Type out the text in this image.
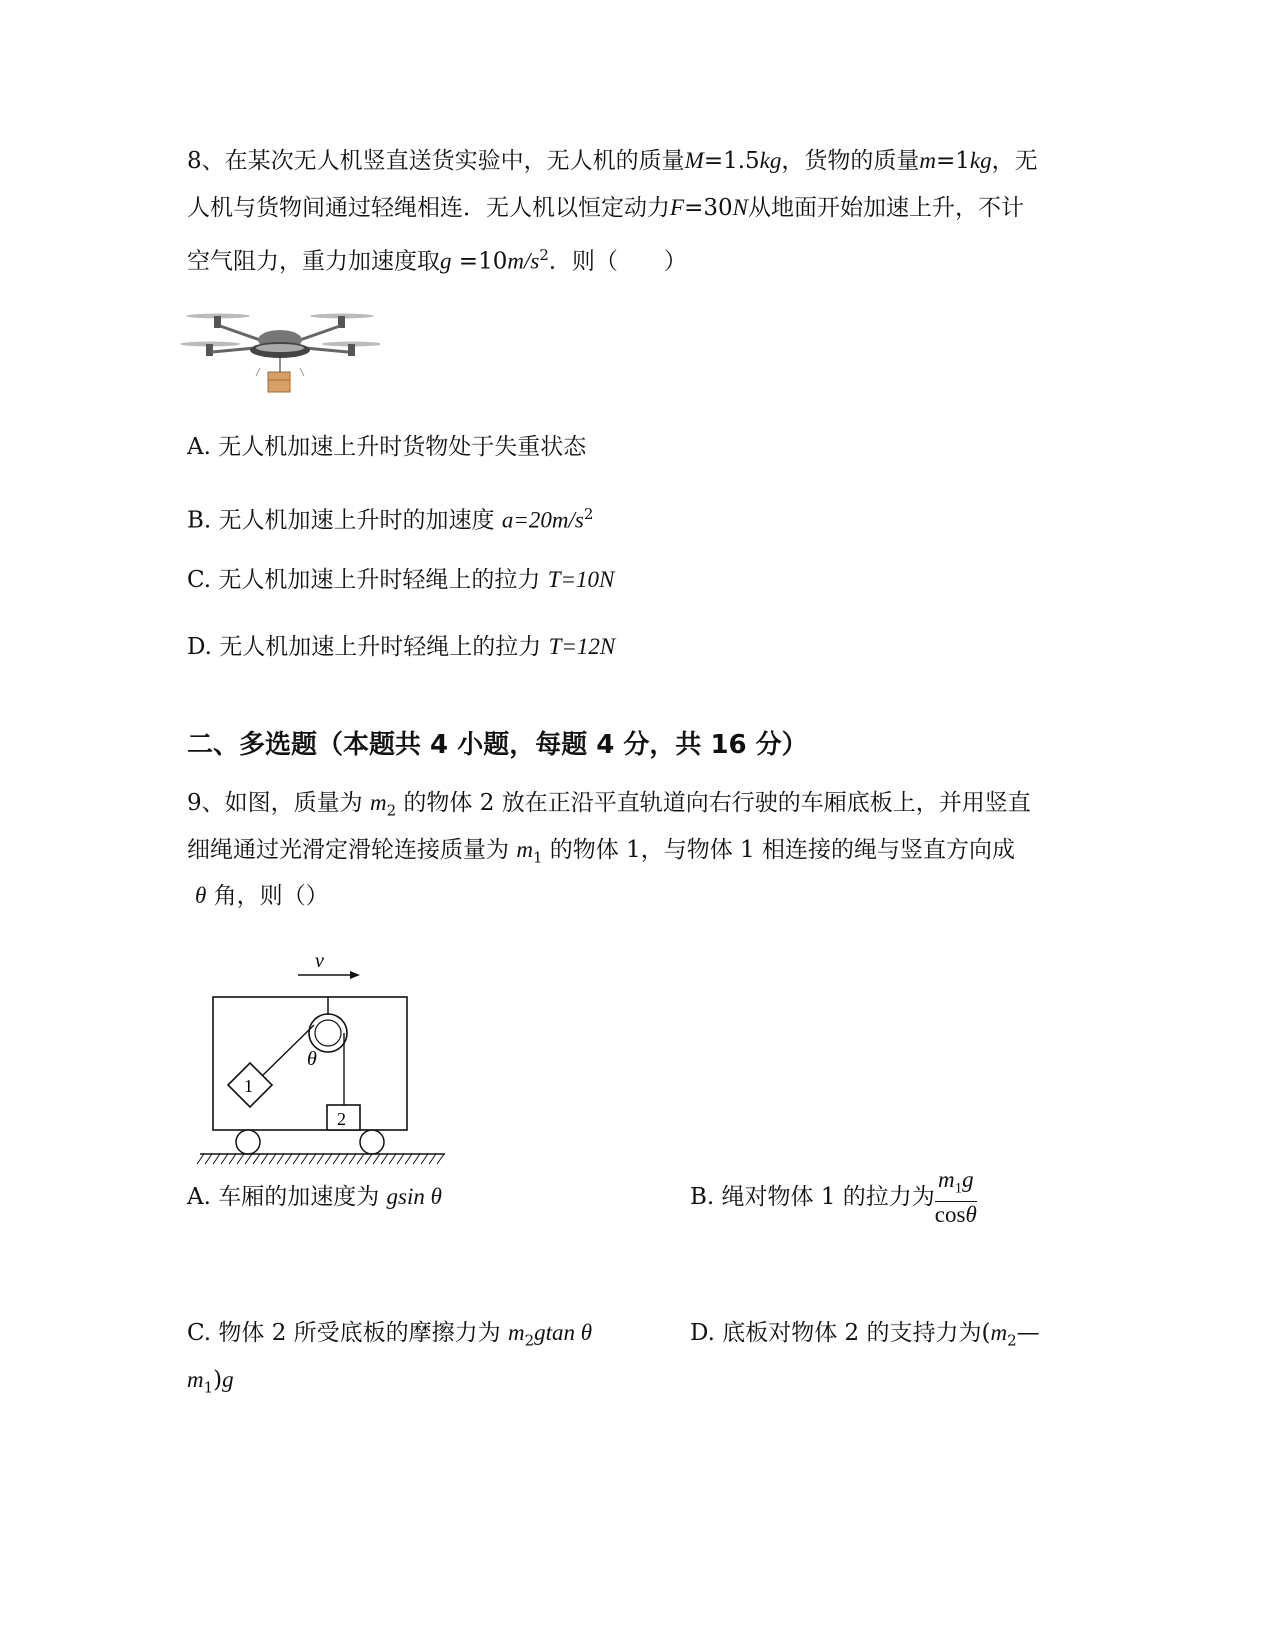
8、在某次无人机竖直送货实验中，无人机的质量M=1.5kg，货物的质量m=1kg，无
人机与货物间通过轻绳相连．无人机以恒定动力F=30N从地面开始加速上升，不计
空气阻力，重力加速度取$g =10m/s^2$．则（　　）
A. 无人机加速上升时货物处于失重状态
B. 无人机加速上升时的加速度 $a=20m/s^2$
C. 无人机加速上升时轻绳上的拉力 T=10N
D. 无人机加速上升时轻绳上的拉力 T=12N
二、多选题（本题共 4 小题，每题 4 分，共 16 分）
9、如图，质量为 $m_2$ 的物体 2 放在正沿平直轨道向右行驶的车厢底板上，并用竖直
细绳通过光滑定滑轮连接质量为 $m_1$ 的物体 1，与物体 1 相连接的绳与竖直方向成
θ 角，则（）
v
θ
1
2
A. 车厢的加速度为 gsin θ	B. 绳对物体 1 的拉力为 $\frac{m_1g}{\cos\theta}$
C. 物体 2 所受底板的摩擦力为 $m_2gtan$ θ	D. 底板对物体 2 的支持力为($m_2—$
$m_1)g$
